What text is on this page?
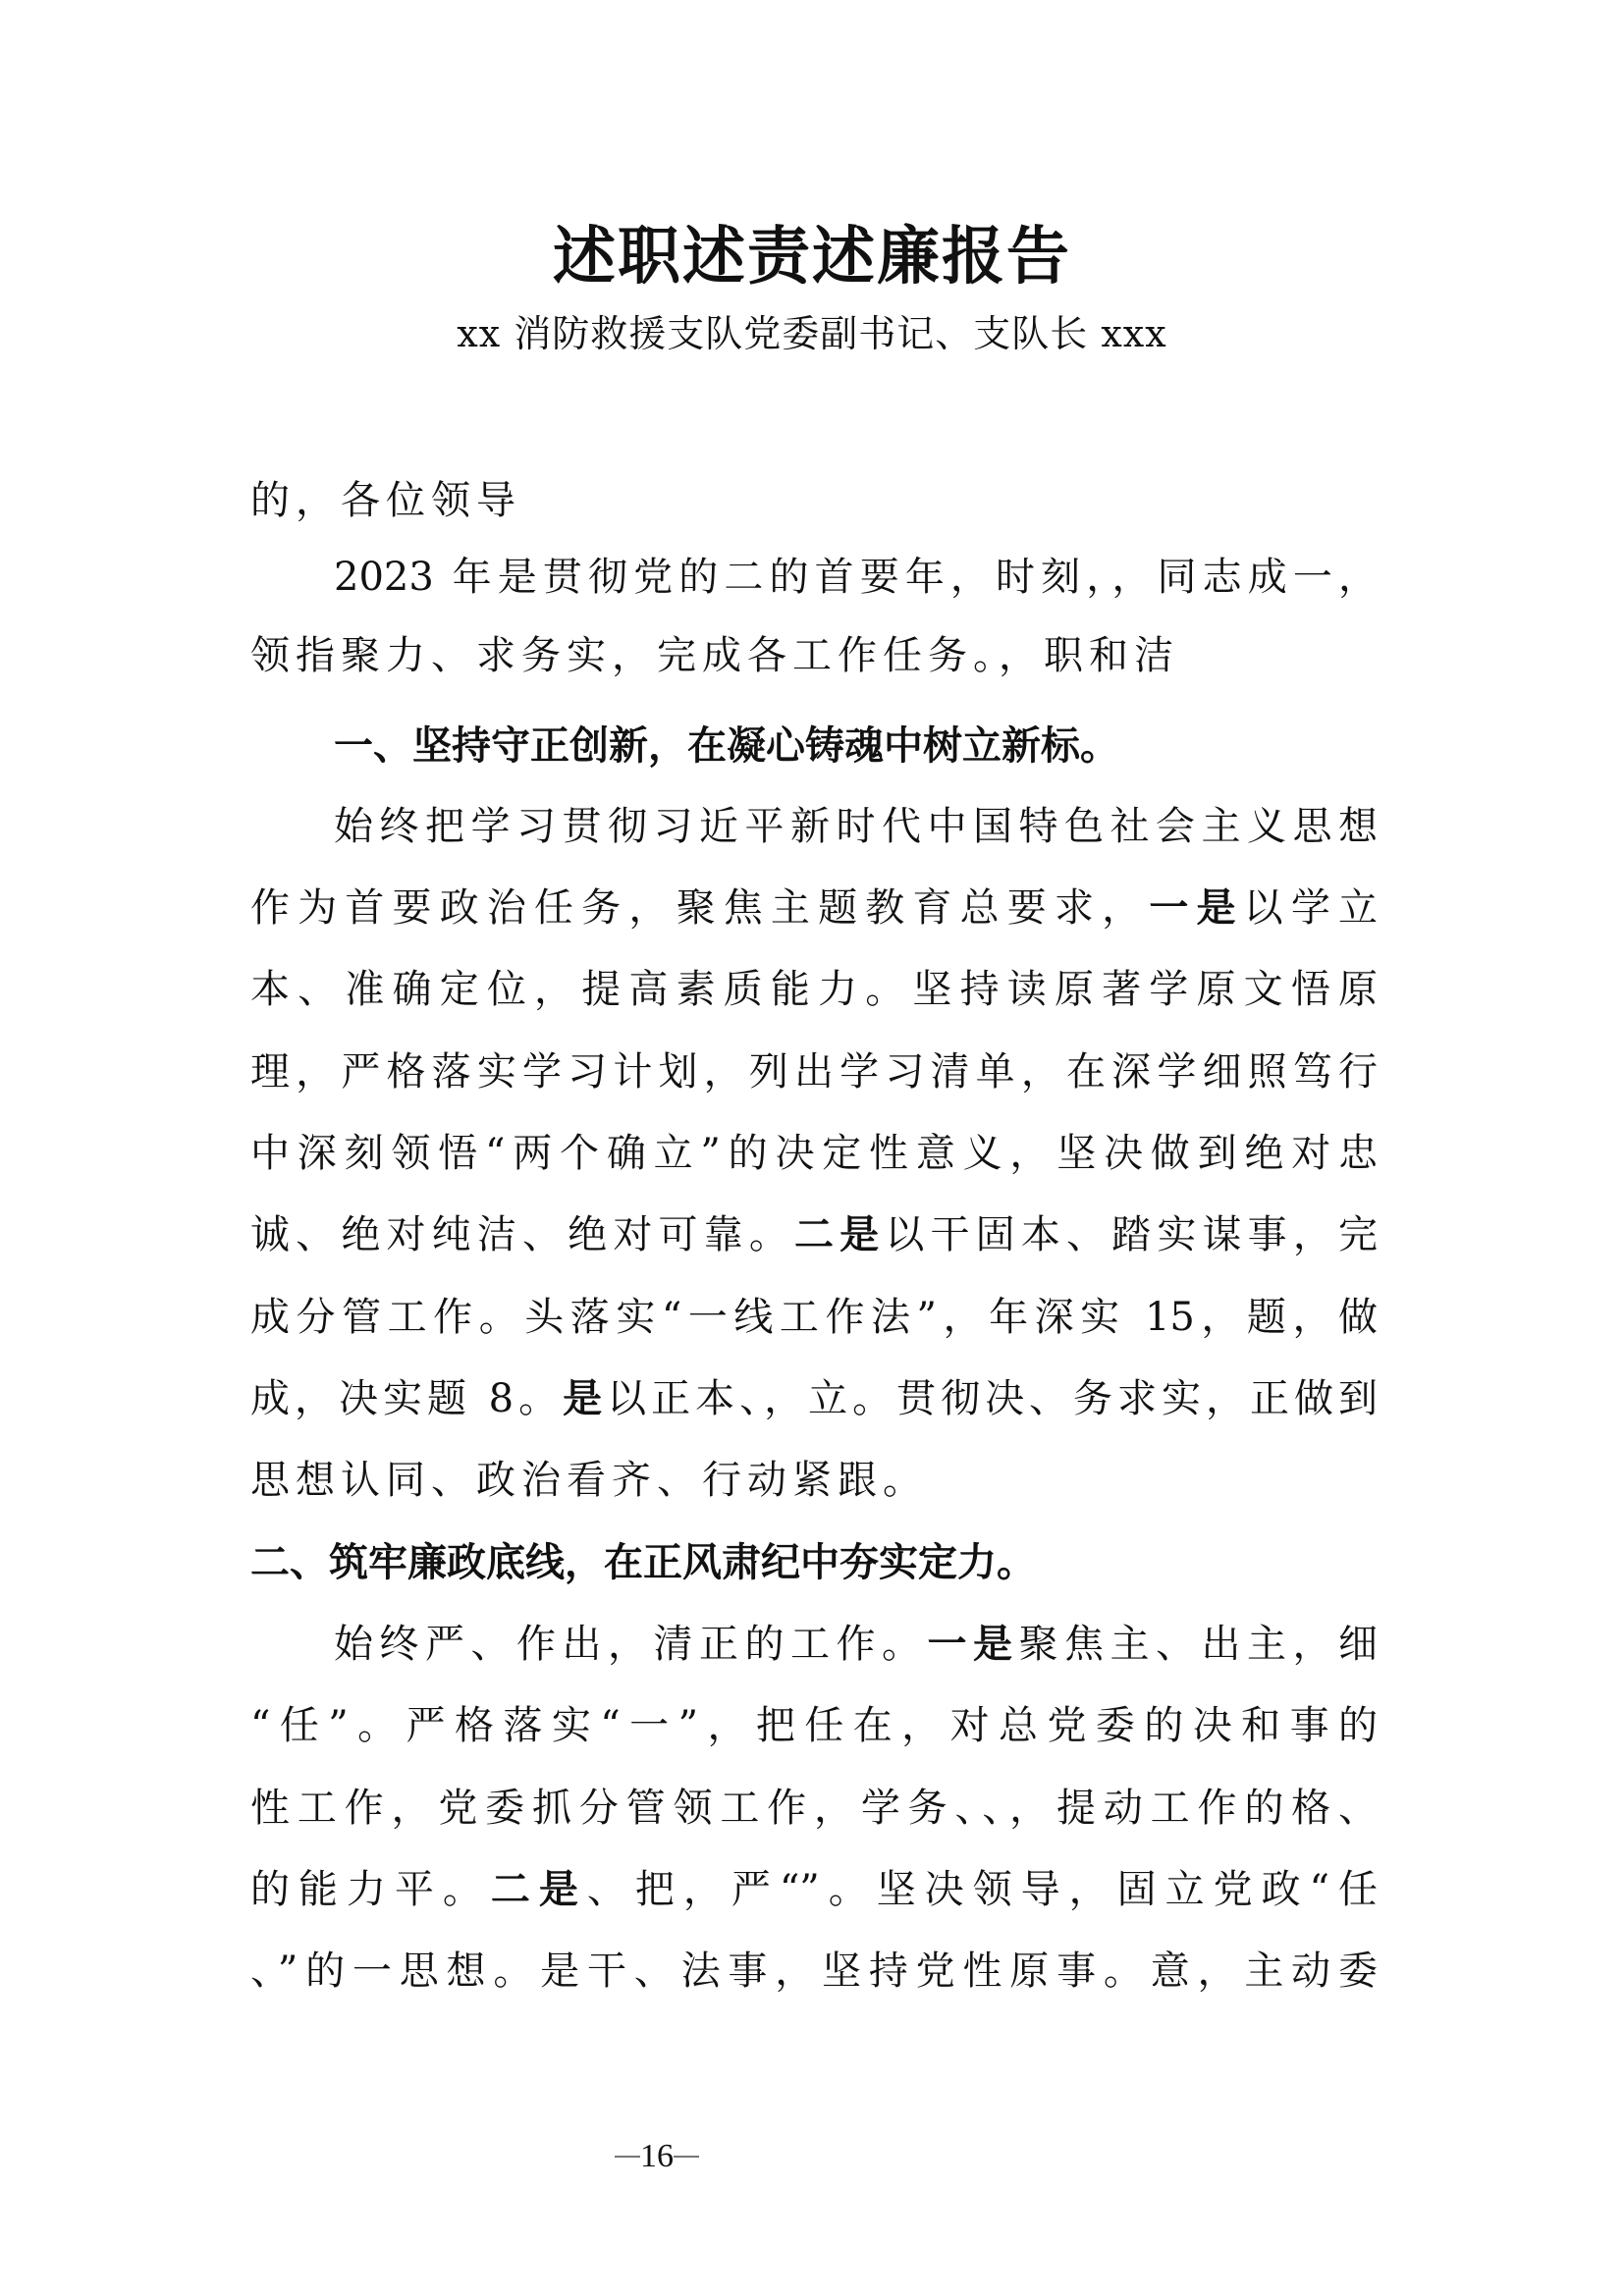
述职述责述廉报告
xx 消防救援支队党委副书记、支队长 xxx
的，各位领导
2023 年是贯彻党的二的首要年，时刻，，同志成一，
领指聚力、求务实，完成各工作任务。，职和洁
一、坚持守正创新，在凝心铸魂中树立新标。
始终把学习贯彻习近平新时代中国特色社会主义思想
作为首要政治任务，聚焦主题教育总要求，一是以学立
本、准确定位，提高素质能力。坚持读原著学原文悟原
理，严格落实学习计划，列出学习清单，在深学细照笃行
中深刻领悟“两个确立”的决定性意义，坚决做到绝对忠
诚、绝对纯洁、绝对可靠。二是以干固本、踏实谋事，完
成分管工作。头落实“一线工作法”，年深实 15，题，做
成，决实题 8。是以正本、，立。贯彻决、务求实，正做到
思想认同、政治看齐、行动紧跟。
二、筑牢廉政底线，在正风肃纪中夯实定力。
始终严、作出，清正的工作。一是聚焦主、出主，细
“任”。严格落实“一”，把任在，对总党委的决和事的
性工作，党委抓分管领工作，学务、、，提动工作的格、
的能力平。二是、把，严“”。坚决领导，固立党政“任
、”的一思想。是干、法事，坚持党性原事。意，主动委
16
